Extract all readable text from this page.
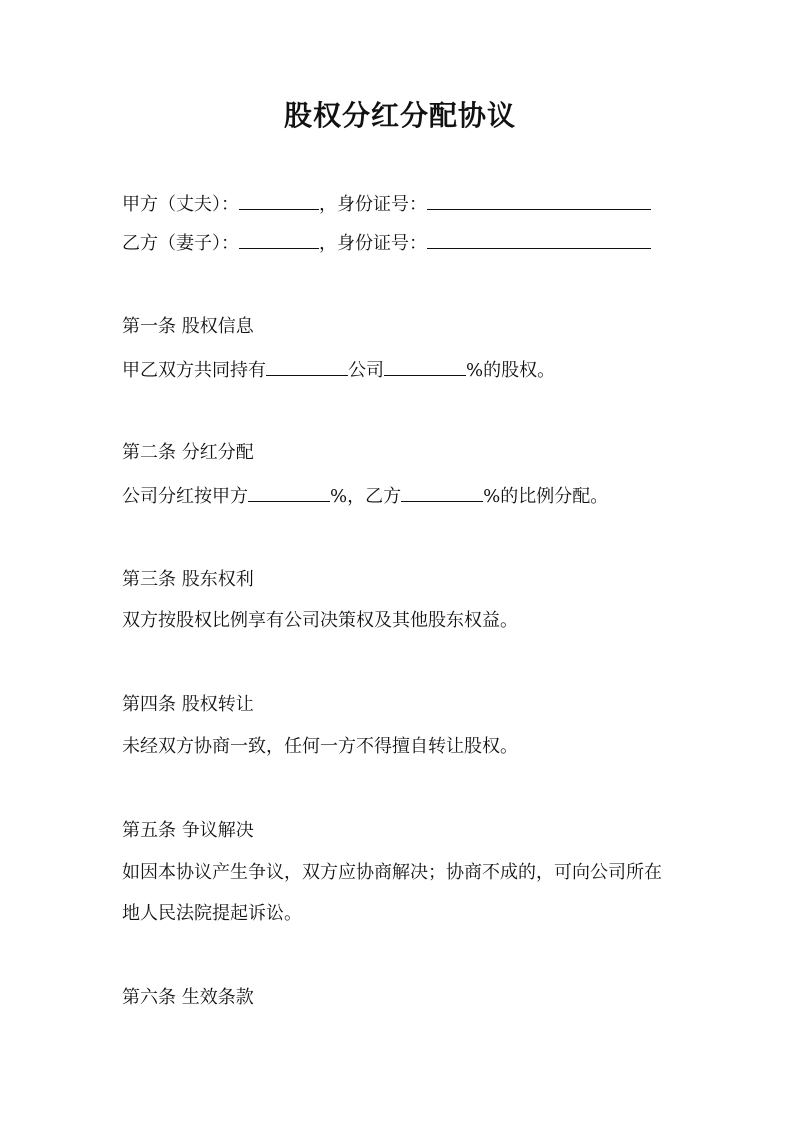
股权分红分配协议
甲方（丈夫）：	，身份证号：
乙方（妻子）：	，身份证号：
第一条 股权信息
甲乙双方共同持有	公司	%的股权。
第二条 分红分配
公司分红按甲方	%，乙方	%的比例分配。
第三条 股东权利
双方按股权比例享有公司决策权及其他股东权益。
第四条 股权转让
未经双方协商一致，任何一方不得擅自转让股权。
第五条 争议解决
如因本协议产生争议，双方应协商解决；协商不成的，可向公司所在
地人民法院提起诉讼。
第六条 生效条款
